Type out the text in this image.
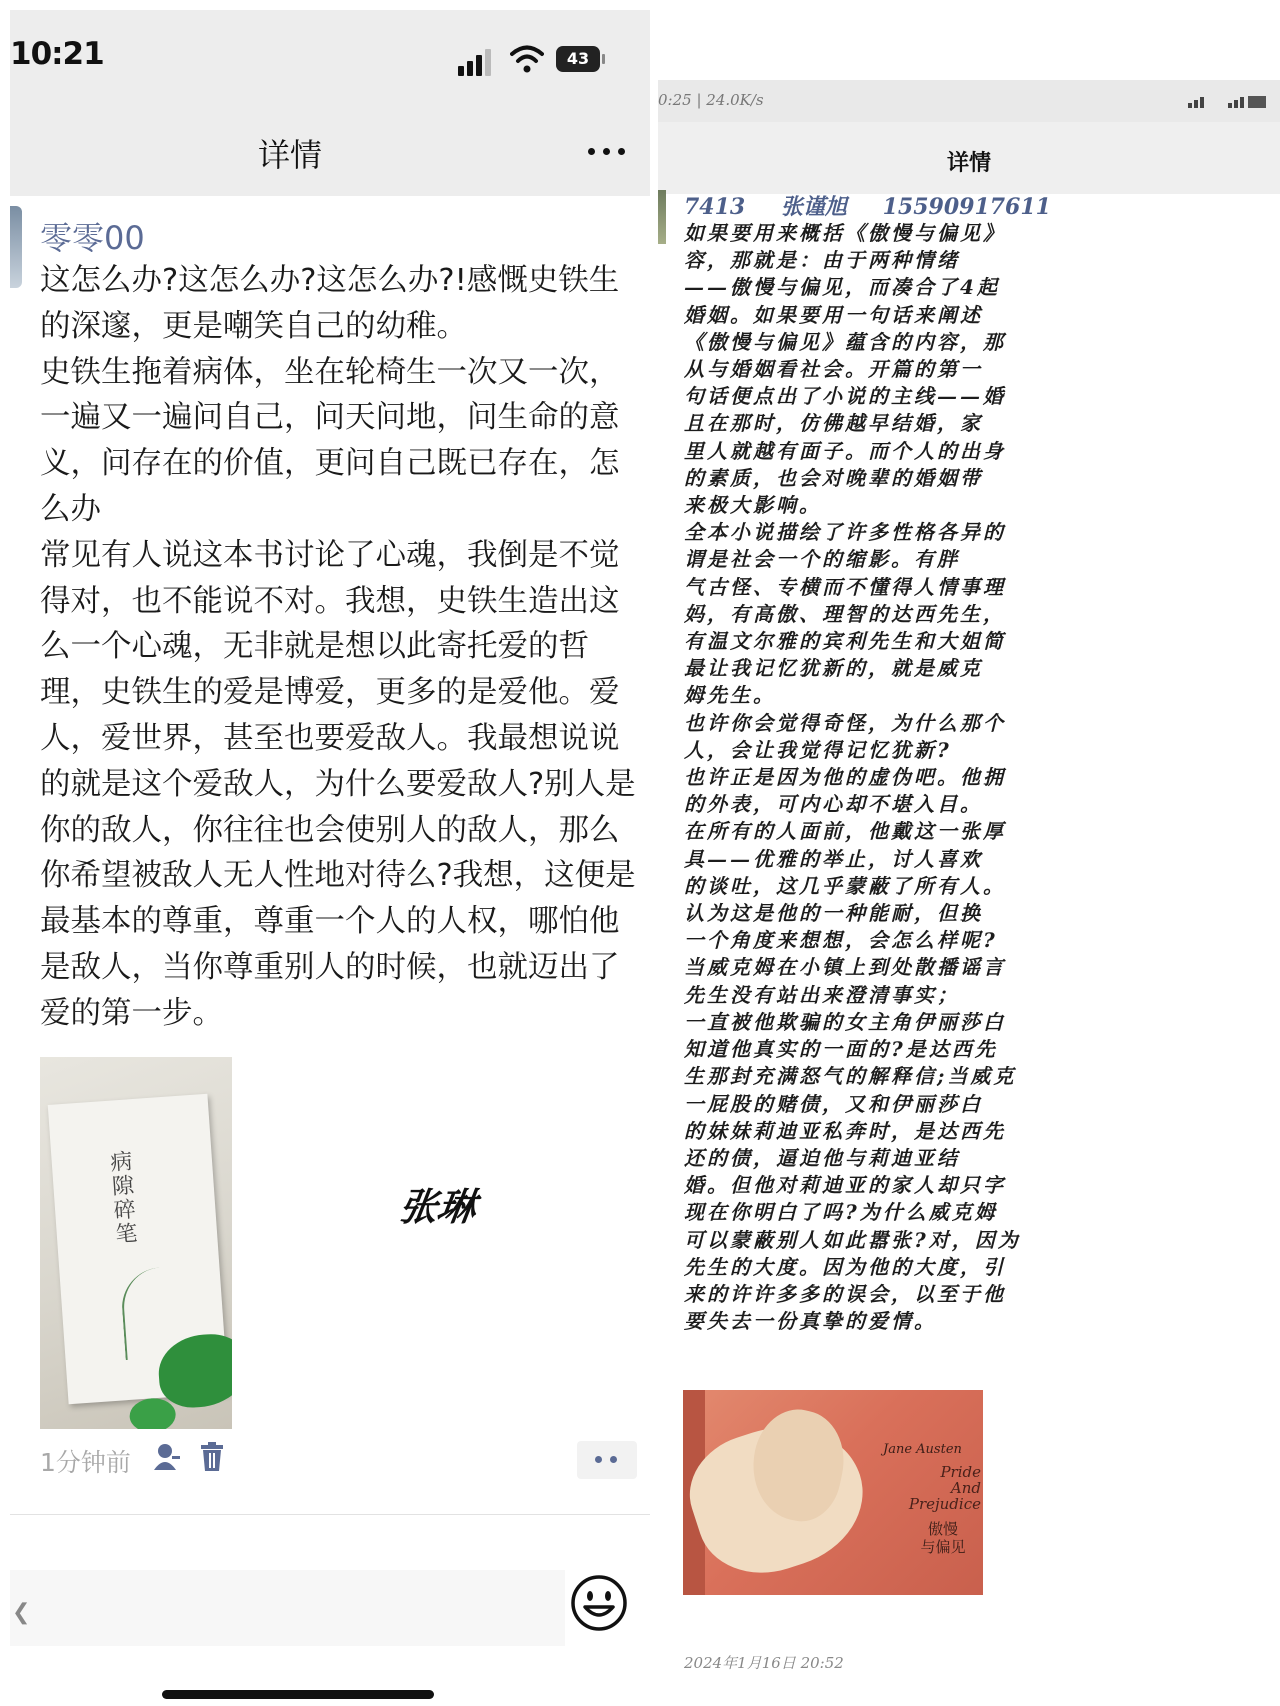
10:21	43
详情
零零00

这怎么办?这怎么办?这怎么办?!感慨史铁生的深邃，更是嘲笑自己的幼稚。

史铁生拖着病体，坐在轮椅生一次又一次，一遍又一遍问自己，问天问地，问生命的意义，问存在的价值，更问自己既已存在，怎么办

常见有人说这本书讨论了心魂，我倒是不觉得对，也不能说不对。我想，史铁生造出这么一个心魂，无非就是想以此寄托爱的哲理，史铁生的爱是博爱，更多的是爱他。爱人，爱世界，甚至也要爱敌人。我最想说说的就是这个爱敌人，为什么要爱敌人?别人是你的敌人，你往往也会使别人的敌人，那么你希望被敌人无人性地对待么?我想，这便是最基本的尊重，尊重一个人的人权，哪怕他是敌人，当你尊重别人的时候，也就迈出了爱的第一步。

病隙碎笔	张琳
1分钟前
❮
0:25 | 24.0K/s
详情
7413 张谨旭 15590917611
如果要用来概括《傲慢与偏见》
容，那就是：由于两种情绪
——傲慢与偏见，而凑合了4起
婚姻。如果要用一句话来阐述
《傲慢与偏见》蕴含的内容，那
从与婚姻看社会。开篇的第一
句话便点出了小说的主线——婚
且在那时，仿佛越早结婚，家
里人就越有面子。而个人的出身
的素质，也会对晚辈的婚姻带
来极大影响。
全本小说描绘了许多性格各异的
谓是社会一个的缩影。有胖
气古怪、专横而不懂得人情事理
妈，有高傲、理智的达西先生，
有温文尔雅的宾利先生和大姐简
最让我记忆犹新的，就是威克
姆先生。
也许你会觉得奇怪，为什么那个
人，会让我觉得记忆犹新?
也许正是因为他的虚伪吧。他拥
的外表，可内心却不堪入目。
在所有的人面前，他戴这一张厚
具——优雅的举止，讨人喜欢
的谈吐，这几乎蒙蔽了所有人。
认为这是他的一种能耐，但换
一个角度来想想，会怎么样呢?
当威克姆在小镇上到处散播谣言
先生没有站出来澄清事实；
一直被他欺骗的女主角伊丽莎白
知道他真实的一面的?是达西先
生那封充满怒气的解释信;当威克
一屁股的赌债，又和伊丽莎白
的妹妹莉迪亚私奔时，是达西先
还的债，逼迫他与莉迪亚结
婚。但他对莉迪亚的家人却只字
现在你明白了吗?为什么威克姆
可以蒙蔽别人如此嚣张?对，因为
先生的大度。因为他的大度，引
来的许许多多的误会，以至于他
要失去一份真挚的爱情。
Jane Austen
Pride
And
Prejudice
傲慢
与偏见
2024年1月16日 20:52
